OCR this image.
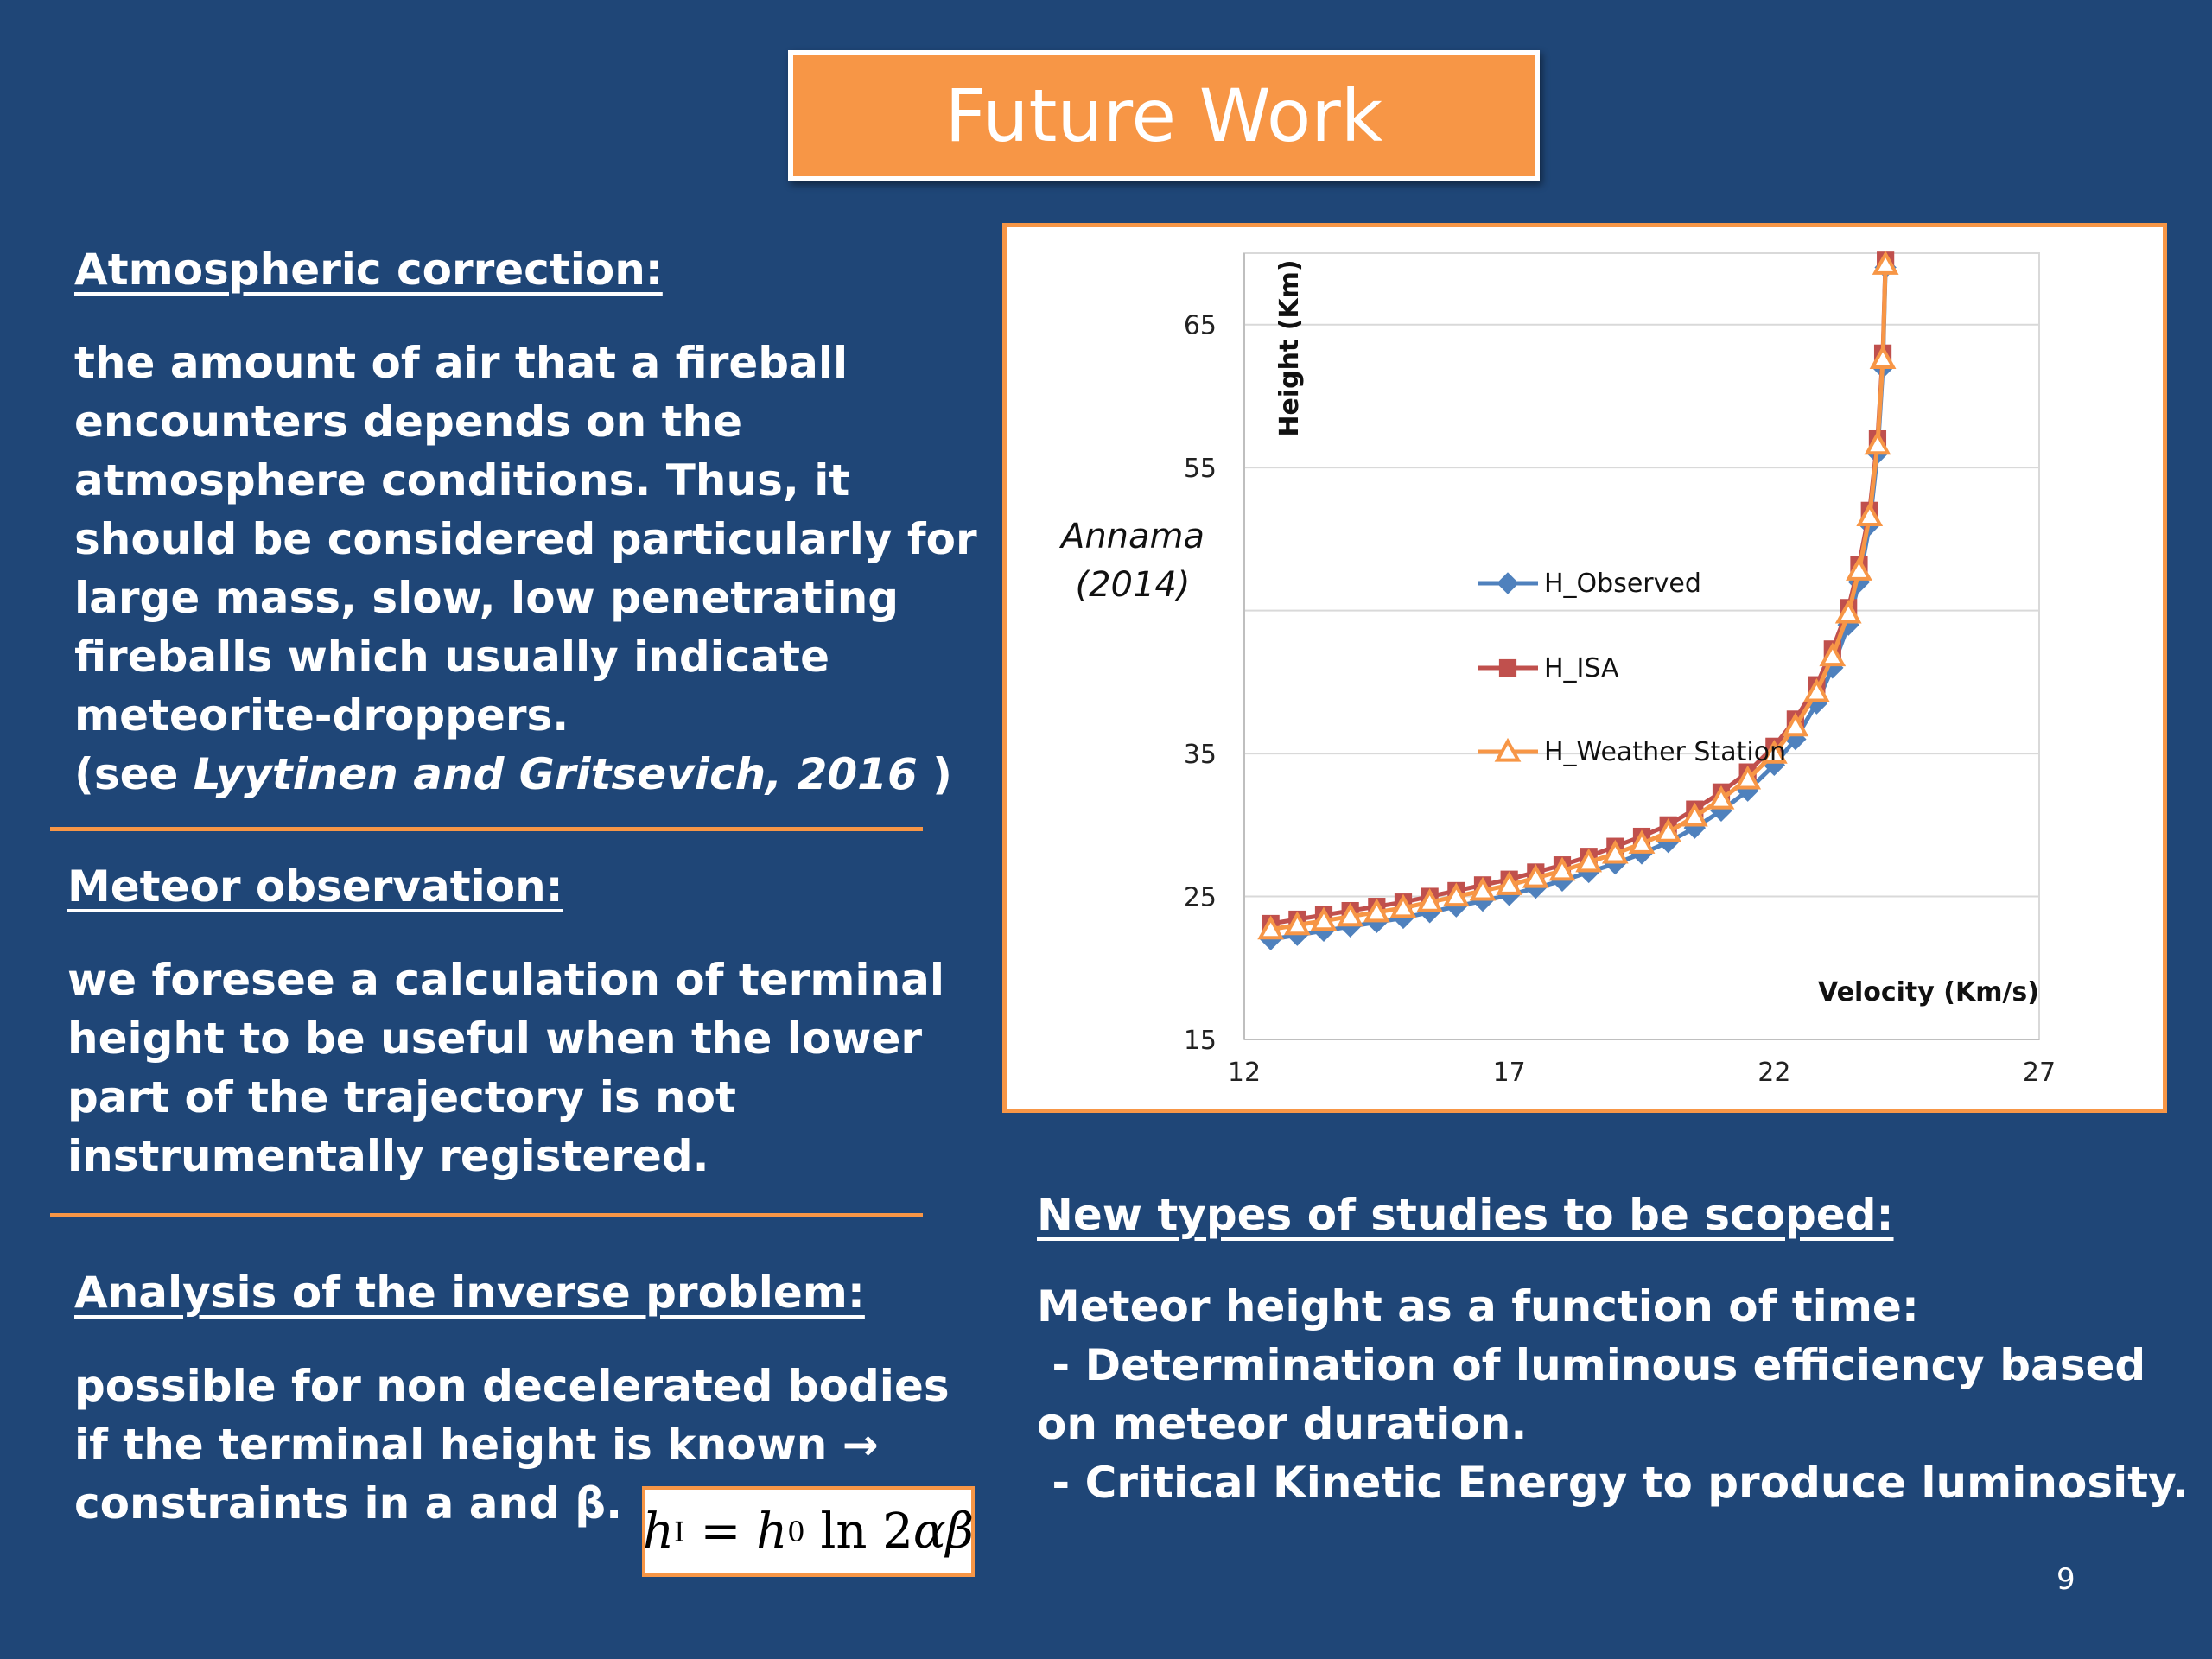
Future Work
Atmospheric correction:
the amount of air that a fireball
encounters depends on the
atmosphere conditions. Thus, it
should be considered particularly for
large mass, slow, low penetrating
fireballs which usually indicate
meteorite-droppers.
(see Lyytinen and Gritsevich, 2016 )
Meteor observation:
we foresee a calculation of terminal
height to be useful when the lower
part of the trajectory is not
instrumentally registered.
Analysis of the inverse problem:
possible for non decelerated bodies
if the terminal height is known →
constraints in a and β. h I = h 0 ln 2 αβ
15
25
35
55
65
12	17	22	27
Height (Km)
Velocity (Km/s)
H_Observed
H_ISA
H_Weather Station
Annama
(2014)
New types of studies to be scoped:
Meteor height as a function of time:
- Determination of luminous efficiency based
on meteor duration.
- Critical Kinetic Energy to produce luminosity.
9
